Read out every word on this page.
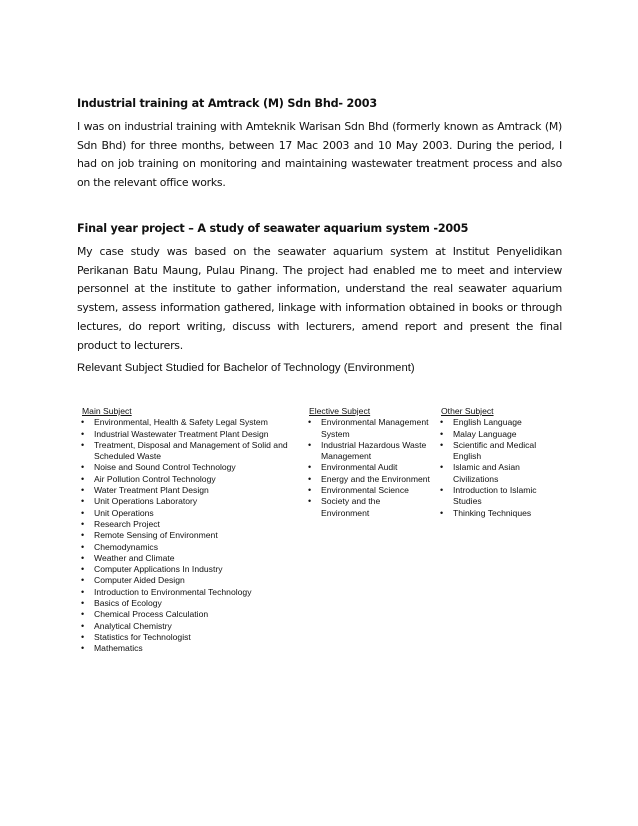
Industrial training at Amtrack (M) Sdn Bhd- 2003

I was on industrial training with Amteknik Warisan Sdn Bhd (formerly known as Amtrack (M) Sdn Bhd) for three months, between 17 Mac 2003 and 10 May 2003. During the period, I had on job training on monitoring and maintaining wastewater treatment process and also on the relevant office works.

Final year project – A study of seawater aquarium system -2005

My case study was based on the seawater aquarium system at Institut Penyelidikan Perikanan Batu Maung, Pulau Pinang. The project had enabled me to meet and interview personnel at the institute to gather information, understand the real seawater aquarium system, assess information gathered, linkage with information obtained in books or through lectures, do report writing, discuss with lecturers, amend report and present the final product to lecturers.

Relevant Subject Studied for Bachelor of Technology (Environment)

Main Subject

• Environmental, Health & Safety Legal System
• Industrial Wastewater Treatment Plant Design
• Treatment, Disposal and Management of Solid and Scheduled Waste
• Noise and Sound Control Technology
• Air Pollution Control Technology
• Water Treatment Plant Design
• Unit Operations Laboratory
• Unit Operations
• Research Project
• Remote Sensing of Environment
• Chemodynamics
• Weather and Climate
• Computer Applications In Industry
• Computer Aided Design
• Introduction to Environmental Technology
• Basics of Ecology
• Chemical Process Calculation
• Analytical Chemistry
• Statistics for Technologist
• Mathematics

Elective Subject

• Environmental Management System
• Industrial Hazardous Waste Management
• Environmental Audit
• Energy and the Environment
• Environmental Science
• Society and the Environment

Other Subject

• English Language
• Malay Language
• Scientific and Medical English
• Islamic and Asian Civilizations
• Introduction to Islamic Studies
• Thinking Techniques
